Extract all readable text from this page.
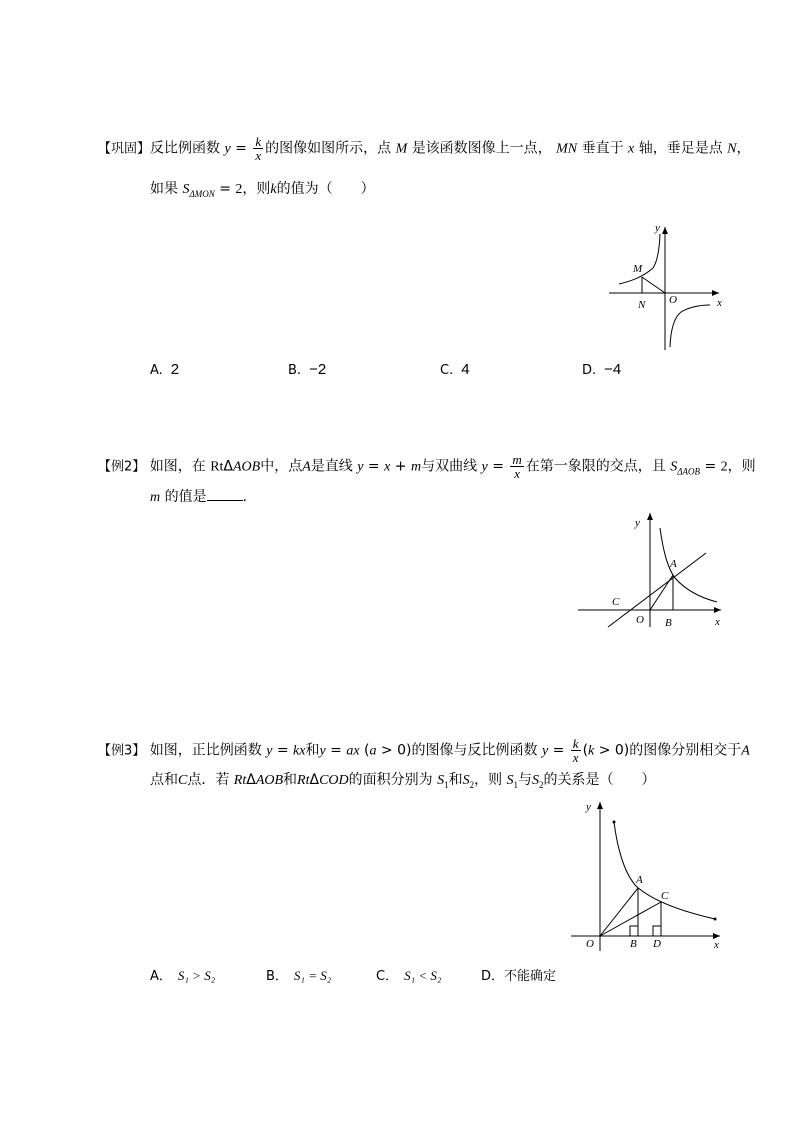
【巩固】反比例函数 $y = \frac{k}{x}$ 的图像如图所示，点 M 是该函数图像上一点， MN 垂直于 x 轴，垂足是点 N，
如果 $S_{\Delta MON} = 2$，则k的值为（　　）
y
M
N O	x
A. 2	B. −2	C. 4	D. −4
【例2】 如图，在 RtΔAOB中，点A是直线 y = x + m与双曲线 $y = \frac{m}{x}$ 在第一象限的交点，且 $S_{\Delta AOB} = 2$，则
m 的值是	.
y
A
C
O B	x
【例3】 如图，正比例函数 y = kx和y = ax (a > 0)的图像与反比例函数 $y = \frac{k}{x} (k > 0)$的图像分别相交于A
点和C点．若 RtΔAOB和RtΔCOD的面积分别为 $S_1$和$S_2$，则 $S_1$与$S_2$的关系是（　　）
y
A
C
O	B D	x
A． S₁ > S₂	B． S₁ = S₂	C． S₁ < S₂	D．不能确定
